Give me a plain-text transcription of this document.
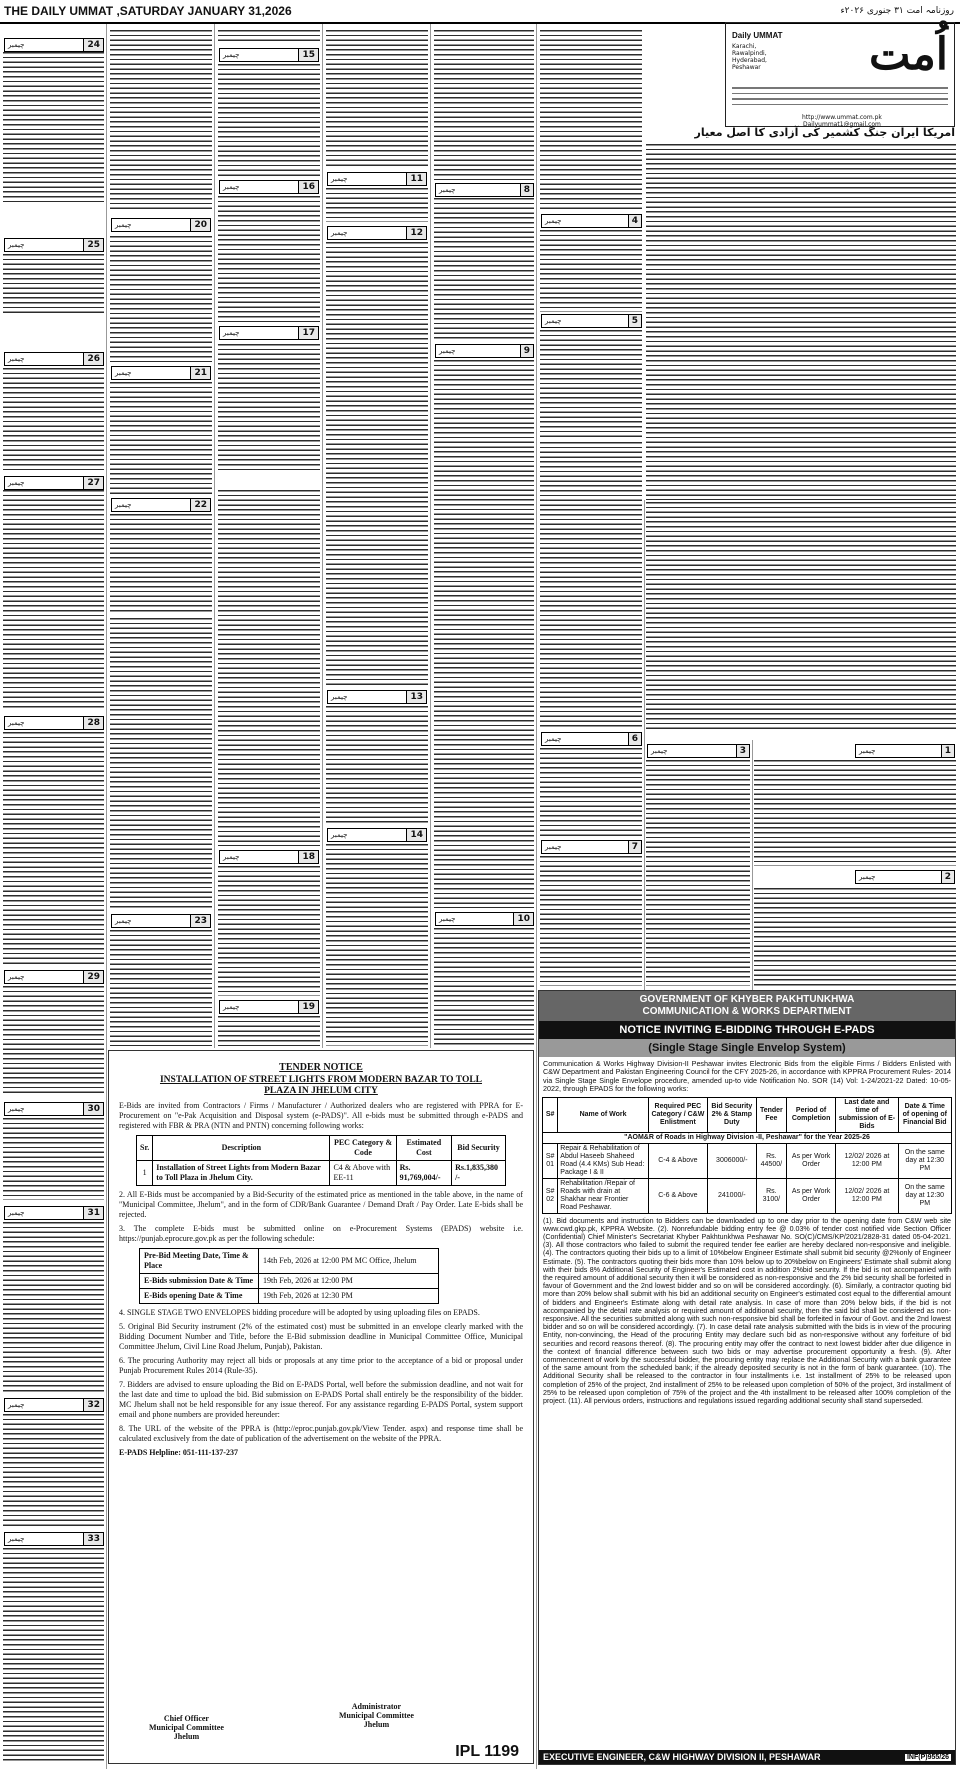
THE DAILY UMMAT ,SATURDAY JANUARY 31,2026	روزنامہ امت ۳۱ جنوری ۲۰۲۶ء
اُمت
Daily UMMAT
Karachi, Rawalpindi, Hyderabad, Peshawar
http://www.ummat.com.pk
Dailyummat1@gmail.com
امریکا ایران جنگ کشمیر کی آزادی کا اصل معیار
چیمبر	24
چیمبر	25
چیمبر	26
چیمبر	27
چیمبر	28
چیمبر	29
چیمبر	30
چیمبر	31
چیمبر	32
چیمبر	33
چیمبر	20
چیمبر	21
چیمبر	22
چیمبر	23
چیمبر	15
چیمبر	16
چیمبر	17
چیمبر	18
چیمبر	19
چیمبر	11
چیمبر	12
چیمبر	13
چیمبر	14
چیمبر	8
چیمبر	9
چیمبر	10
چیمبر	4
چیمبر	5
چیمبر	6
چیمبر	7
چیمبر	3	چیمبر	1
چیمبر	2
TENDER NOTICE
INSTALLATION OF STREET LIGHTS FROM MODERN BAZAR TO TOLL PLAZA IN JHELUM CITY

E-Bids are invited from Contractors / Firms / Manufacturer / Authorized dealers who are registered with PPRA for E-Procurement on "e-Pak Acquisition and Disposal system (e-PADS)". All e-bids must be submitted through e-PADS and registered with FBR & PRA (NTN and PNTN) concerning following works:

Sr.	Description	PEC Category & Code	Estimated Cost	Bid Security
1	Installation of Street Lights from Modern Bazar to Toll Plaza in Jhelum City.	C4 & Above with EE-11	Rs. 91,769,004/-	Rs.1,835,380 /-

2. All E-Bids must be accompanied by a Bid-Security of the estimated price as mentioned in the table above, in the name of "Municipal Committee, Jhelum", and in the form of CDR/Bank Guarantee / Demand Draft / Pay Order. Late E-bids shall be rejected.

3. The complete E-bids must be submitted online on e-Procurement Systems (EPADS) website i.e. https://punjab.eprocure.gov.pk as per the following schedule:

Pre-Bid Meeting Date, Time & Place	14th Feb, 2026 at 12:00 PM MC Office, Jhelum
E-Bids submission Date & Time	19th Feb, 2026 at 12:00 PM
E-Bids opening Date & Time	19th Feb, 2026 at 12:30 PM

4. SINGLE STAGE TWO ENVELOPES bidding procedure will be adopted by using uploading files on EPADS.

5. Original Bid Security instrument (2% of the estimated cost) must be submitted in an envelope clearly marked with the Bidding Document Number and Title, before the E-Bid submission deadline in Municipal Committee Office, Municipal Committee Jhelum, Civil Line Road Jhelum, Punjab), Pakistan.

6. The procuring Authority may reject all bids or proposals at any time prior to the acceptance of a bid or proposal under Punjab Procurement Rules 2014 (Rule-35).

7. Bidders are advised to ensure uploading the Bid on E-PADS Portal, well before the submission deadline, and not wait for the last date and time to upload the bid. Bid submission on E-PADS Portal shall entirely be the responsibility of the bidder. MC Jhelum shall not be held responsible for any issue thereof. For any assistance regarding E-PADS Portal, system support email and phone numbers are provided hereunder:

8. The URL of the website of the PPRA is (http://eproc.punjab.gov.pk/View Tender. aspx) and response time shall be calculated exclusively from the date of publication of the advertisement on the website of the PPRA.

E-PADS Helpline: 051-111-137-237

Chief Officer
Municipal Committee
Jhelum
Administrator
Municipal Committee
Jhelum
IPL 1199
GOVERNMENT OF KHYBER PAKHTUNKHWA
COMMUNICATION & WORKS DEPARTMENT
NOTICE INVITING E-BIDDING THROUGH E-PADS
(Single Stage Single Envelop System)
Communication & Works Highway Division-II Peshawar invites Electronic Bids from the eligible Firms / Bidders Enlisted with C&W Department and Pakistan Engineering Council for the CFY 2025-26, in accordance with KPPRA Procurement Rules- 2014 via Single Stage Single Envelope procedure, amended up-to vide Notification No. SOR (14) Vol: 1-24/2021-22 Dated: 10-05-2022, through EPADS for the following works:
S#	Name of Work	Required PEC Category / C&W Enlistment	Bid Security 2% & Stamp Duty	Tender Fee	Period of Completion	Last date and time of submission of E-Bids	Date & Time of opening of Financial Bid
"AOM&R of Roads in Highway Division -II, Peshawar" for the Year 2025-26							
S# 01	Repair & Rehabilitation of Abdul Haseeb Shaheed Road (4.4 KMs) Sub Head: Package I & II	C-4 & Above	3006000/-	Rs. 44500/	As per Work Order	12/02/ 2026 at 12:00 PM	On the same day at 12:30 PM
S# 02	Rehabilitation /Repair of Roads with drain at Shakhar near Frontier Road Peshawar.	C-6 & Above	241000/-	Rs. 3100/	As per Work Order	12/02/ 2026 at 12:00 PM	On the same day at 12:30 PM
(1). Bid documents and instruction to Bidders can be downloaded up to one day prior to the opening date from C&W web site www.cwd.gkp.pk, KPPRA Website. (2). Nonrefundable bidding entry fee @ 0.03% of tender cost notified vide Section Officer (Confidential) Chief Minister's Secretariat Khyber Pakhtunkhwa Peshawar No. SO(C)/CMS/KP/2021/2828-31 dated 05-04-2021. (3). All those contractors who failed to submit the required tender fee earlier are hereby declared non-responsive and ineligible. (4). The contractors quoting their bids up to a limit of 10%below Engineer Estimate shall submit bid security @2%only of Engineer Estimate. (5). The contractors quoting their bids more than 10% below up to 20%below on Engineers' Estimate shall submit along with their bids 8% Additional Security of Engineer's Estimated cost in addition 2%bid security. If the bid is not accompanied with the required amount of additional security then it will be considered as non-responsive and the 2% bid security shall be forfeited in favour of Government and the 2nd lowest bidder and so on will be considered accordingly. (6). Similarly, a contractor quoting bid more than 20% below shall submit with his bid an additional security on Engineer's estimated cost equal to the differential amount of bidders and Engineer's Estimate along with detail rate analysis. In case of more than 20% below bids, if the bid is not accompanied by the detail rate analysis or required amount of additional security, then the said bid shall be considered as non-responsive. All the securities submitted along with such non-responsive bid shall be forfeited in favour of Govt. and the 2nd lowest bidder and so on will be considered accordingly. (7). In case detail rate analysis submitted with the bids is in view of the procuring Entity, non-convincing, the Head of the procuring Entity may declare such bid as non-responsive without any forfeiture of bid securities and record reasons thereof. (8). The procuring entity may offer the contract to next lowest bidder after due diligence in the context of financial difference between such two bids or may advertise procurement opportunity a fresh. (9). After commencement of work by the successful bidder, the procuring entity may replace the Additional Security with a bank guarantee of the same amount from the scheduled bank; if the already deposited security is not in the form of bank guarantee. (10). The Additional Security shall be released to the contractor in four installments i.e. 1st installment of 25% to be released upon completion of 25% of the project, 2nd installment of 25% to be released upon completion of 50% of the project, 3rd installment of 25% to be released upon completion of 75% of the project and the 4th installment to be released after 100% completion of the project. (11). All pervious orders, instructions and regulations issued regarding additional security shall stand superseded.
EXECUTIVE ENGINEER, C&W HIGHWAY DIVISION II, PESHAWAR	INF(P)955/26
